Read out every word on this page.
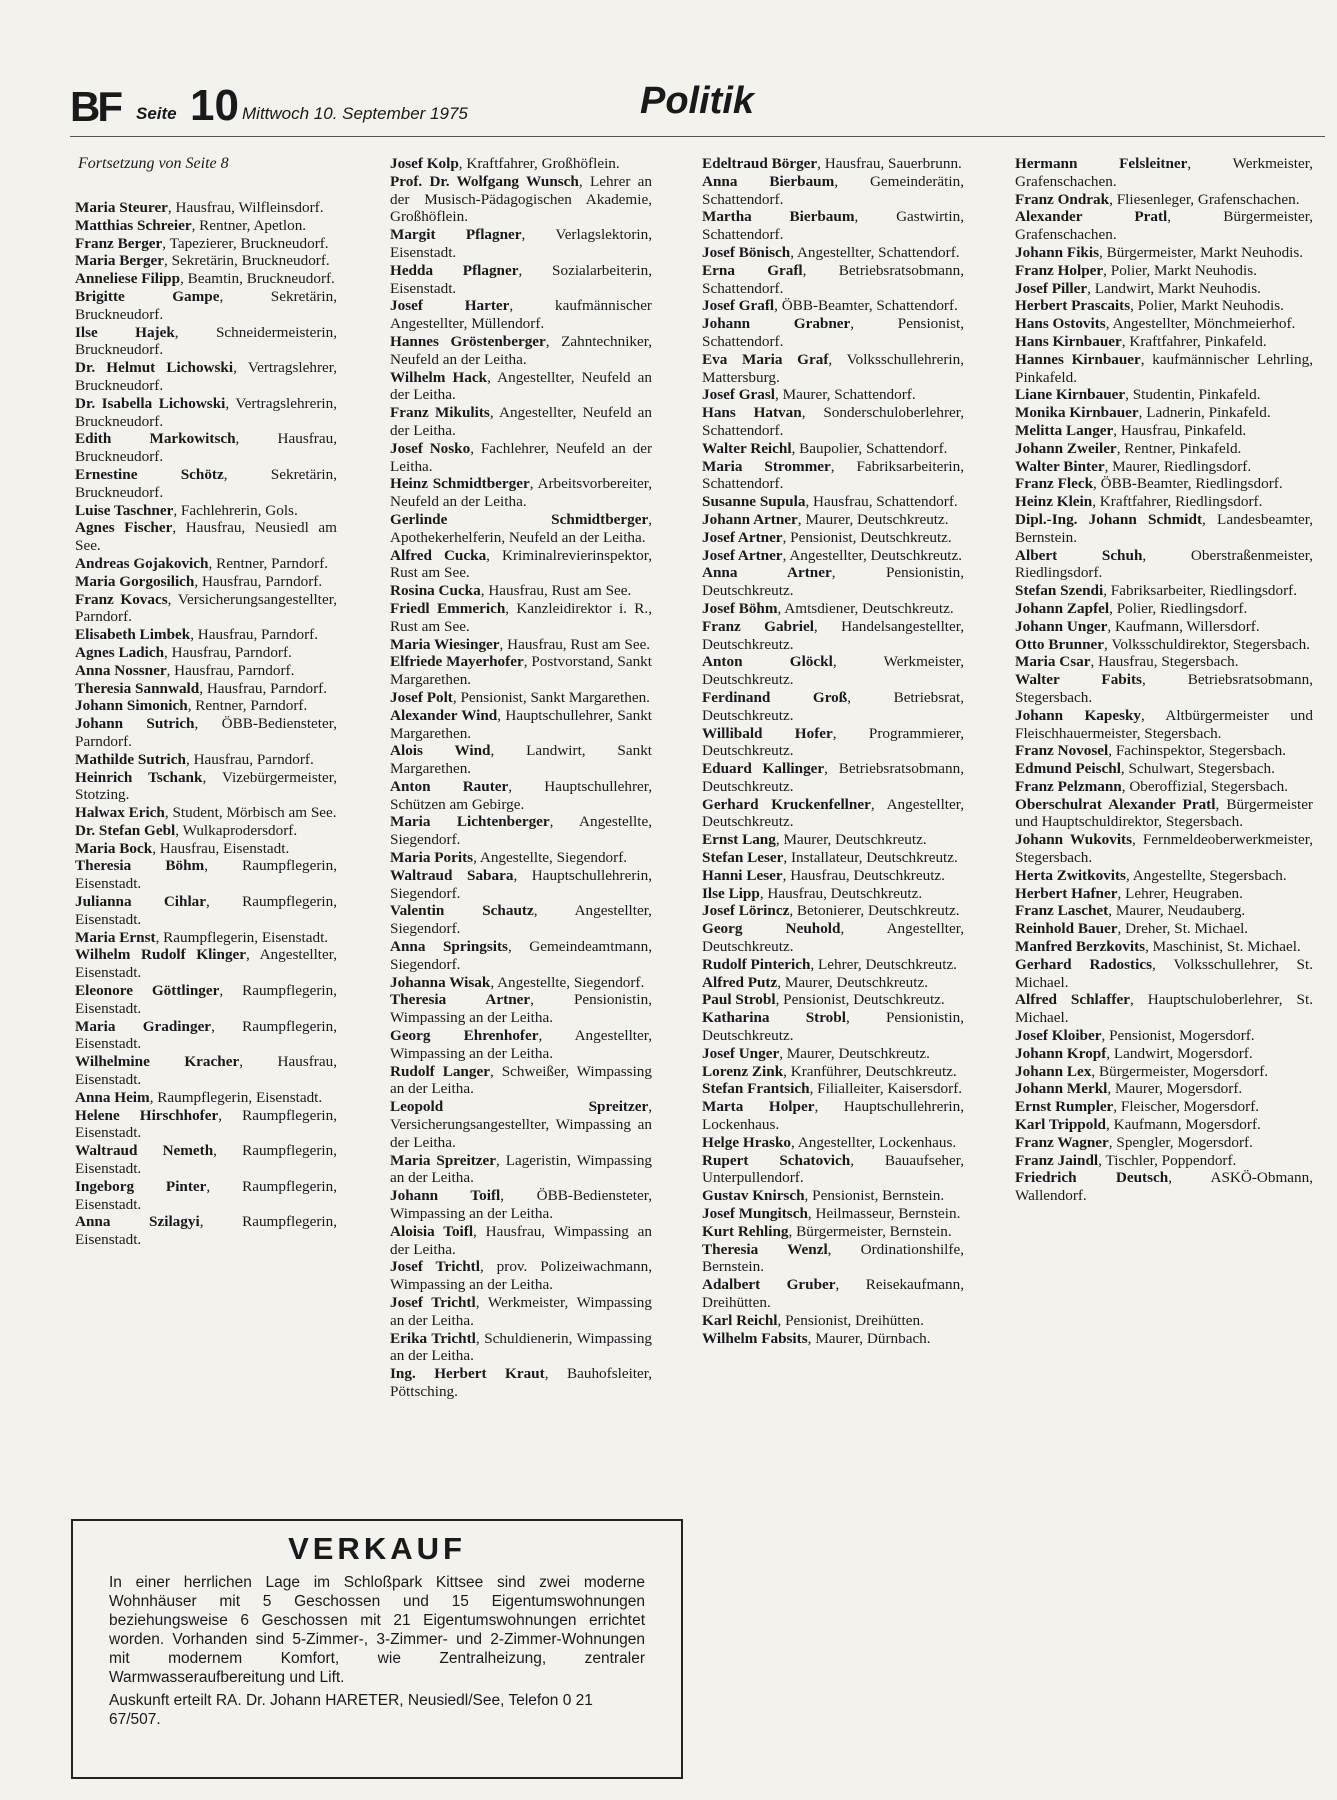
BF Seite 10 Mittwoch 10. September 1975	Politik
Fortsetzung von Seite 8
Maria Steurer, Hausfrau, Wilfleinsdorf.
Matthias Schreier, Rentner, Apetlon.
Franz Berger, Tapezierer, Bruckneudorf.
Maria Berger, Sekretärin, Bruckneudorf.
Anneliese Filipp, Beamtin, Bruckneudorf.
Brigitte Gampe, Sekretärin, Bruckneudorf.
Ilse Hajek, Schneidermeisterin, Bruckneudorf.
Dr. Helmut Lichowski, Vertragslehrer, Bruckneudorf.
Dr. Isabella Lichowski, Vertragslehrerin, Bruckneudorf.
Edith Markowitsch, Hausfrau, Bruckneudorf.
Ernestine Schötz, Sekretärin, Bruckneudorf.
Luise Taschner, Fachlehrerin, Gols.
Agnes Fischer, Hausfrau, Neusiedl am See.
Andreas Gojakovich, Rentner, Parndorf.
Maria Gorgosilich, Hausfrau, Parndorf.
Franz Kovacs, Versicherungsangestellter, Parndorf.
Elisabeth Limbek, Hausfrau, Parndorf.
Agnes Ladich, Hausfrau, Parndorf.
Anna Nossner, Hausfrau, Parndorf.
Theresia Sannwald, Hausfrau, Parndorf.
Johann Simonich, Rentner, Parndorf.
Johann Sutrich, ÖBB-Bediensteter, Parndorf.
Mathilde Sutrich, Hausfrau, Parndorf.
Heinrich Tschank, Vizebürgermeister, Stotzing.
Halwax Erich, Student, Mörbisch am See.
Dr. Stefan Gebl, Wulkaprodersdorf.
Maria Bock, Hausfrau, Eisenstadt.
Theresia Böhm, Raumpflegerin, Eisenstadt.
Julianna Cihlar, Raumpflegerin, Eisenstadt.
Maria Ernst, Raumpflegerin, Eisenstadt.
Wilhelm Rudolf Klinger, Angestellter, Eisenstadt.
Eleonore Göttlinger, Raumpflegerin, Eisenstadt.
Maria Gradinger, Raumpflegerin, Eisenstadt.
Wilhelmine Kracher, Hausfrau, Eisenstadt.
Anna Heim, Raumpflegerin, Eisenstadt.
Helene Hirschhofer, Raumpflegerin, Eisenstadt.
Waltraud Nemeth, Raumpflegerin, Eisenstadt.
Ingeborg Pinter, Raumpflegerin, Eisenstadt.
Anna Szilagyi, Raumpflegerin, Eisenstadt.
Josef Kolp, Kraftfahrer, Großhöflein.
Prof. Dr. Wolfgang Wunsch, Lehrer an der Musisch-Pädagogischen Akademie, Großhöflein.
Margit Pflagner, Verlagslektorin, Eisenstadt.
Hedda Pflagner, Sozialarbeiterin, Eisenstadt.
Josef Harter, kaufmännischer Angestellter, Müllendorf.
Hannes Gröstenberger, Zahntechniker, Neufeld an der Leitha.
Wilhelm Hack, Angestellter, Neufeld an der Leitha.
Franz Mikulits, Angestellter, Neufeld an der Leitha.
Josef Nosko, Fachlehrer, Neufeld an der Leitha.
Heinz Schmidtberger, Arbeitsvorbereiter, Neufeld an der Leitha.
Gerlinde Schmidtberger, Apothekerhelferin, Neufeld an der Leitha.
Alfred Cucka, Kriminalrevierinspektor, Rust am See.
Rosina Cucka, Hausfrau, Rust am See.
Friedl Emmerich, Kanzleidirektor i. R., Rust am See.
Maria Wiesinger, Hausfrau, Rust am See.
Elfriede Mayerhofer, Postvorstand, Sankt Margarethen.
Josef Polt, Pensionist, Sankt Margarethen.
Alexander Wind, Hauptschullehrer, Sankt Margarethen.
Alois Wind, Landwirt, Sankt Margarethen.
Anton Rauter, Hauptschullehrer, Schützen am Gebirge.
Maria Lichtenberger, Angestellte, Siegendorf.
Maria Porits, Angestellte, Siegendorf.
Waltraud Sabara, Hauptschullehrerin, Siegendorf.
Valentin Schautz, Angestellter, Siegendorf.
Anna Springsits, Gemeindeamtmann, Siegendorf.
Johanna Wisak, Angestellte, Siegendorf.
Theresia Artner, Pensionistin, Wimpassing an der Leitha.
Georg Ehrenhofer, Angestellter, Wimpassing an der Leitha.
Rudolf Langer, Schweißer, Wimpassing an der Leitha.
Leopold Spreitzer, Versicherungsangestellter, Wimpassing an der Leitha.
Maria Spreitzer, Lageristin, Wimpassing an der Leitha.
Johann Toifl, ÖBB-Bediensteter, Wimpassing an der Leitha.
Aloisia Toifl, Hausfrau, Wimpassing an der Leitha.
Josef Trichtl, prov. Polizeiwachmann, Wimpassing an der Leitha.
Josef Trichtl, Werkmeister, Wimpassing an der Leitha.
Erika Trichtl, Schuldienerin, Wimpassing an der Leitha.
Ing. Herbert Kraut, Bauhofsleiter, Pöttsching.
Edeltraud Börger, Hausfrau, Sauerbrunn.
Anna Bierbaum, Gemeinderätin, Schattendorf.
Martha Bierbaum, Gastwirtin, Schattendorf.
Josef Bönisch, Angestellter, Schattendorf.
Erna Grafl, Betriebsratsobmann, Schattendorf.
Josef Grafl, ÖBB-Beamter, Schattendorf.
Johann Grabner, Pensionist, Schattendorf.
Eva Maria Graf, Volksschullehrerin, Mattersburg.
Josef Grasl, Maurer, Schattendorf.
Hans Hatvan, Sonderschuloberlehrer, Schattendorf.
Walter Reichl, Baupolier, Schattendorf.
Maria Strommer, Fabriksarbeiterin, Schattendorf.
Susanne Supula, Hausfrau, Schattendorf.
Johann Artner, Maurer, Deutschkreutz.
Josef Artner, Pensionist, Deutschkreutz.
Josef Artner, Angestellter, Deutschkreutz.
Anna Artner, Pensionistin, Deutschkreutz.
Josef Böhm, Amtsdiener, Deutschkreutz.
Franz Gabriel, Handelsangestellter, Deutschkreutz.
Anton Glöckl, Werkmeister, Deutschkreutz.
Ferdinand Groß, Betriebsrat, Deutschkreutz.
Willibald Hofer, Programmierer, Deutschkreutz.
Eduard Kallinger, Betriebsratsobmann, Deutschkreutz.
Gerhard Kruckenfellner, Angestellter, Deutschkreutz.
Ernst Lang, Maurer, Deutschkreutz.
Stefan Leser, Installateur, Deutschkreutz.
Hanni Leser, Hausfrau, Deutschkreutz.
Ilse Lipp, Hausfrau, Deutschkreutz.
Josef Lörincz, Betonierer, Deutschkreutz.
Georg Neuhold, Angestellter, Deutschkreutz.
Rudolf Pinterich, Lehrer, Deutschkreutz.
Alfred Putz, Maurer, Deutschkreutz.
Paul Strobl, Pensionist, Deutschkreutz.
Katharina Strobl, Pensionistin, Deutschkreutz.
Josef Unger, Maurer, Deutschkreutz.
Lorenz Zink, Kranführer, Deutschkreutz.
Stefan Frantsich, Filialleiter, Kaisersdorf.
Marta Holper, Hauptschullehrerin, Lockenhaus.
Helge Hrasko, Angestellter, Lockenhaus.
Rupert Schatovich, Bauaufseher, Unterpullendorf.
Gustav Knirsch, Pensionist, Bernstein.
Josef Mungitsch, Heilmasseur, Bernstein.
Kurt Rehling, Bürgermeister, Bernstein.
Theresia Wenzl, Ordinationshilfe, Bernstein.
Adalbert Gruber, Reisekaufmann, Dreihütten.
Karl Reichl, Pensionist, Dreihütten.
Wilhelm Fabsits, Maurer, Dürnbach.
Hermann Felsleitner, Werkmeister, Grafenschachen.
Franz Ondrak, Fliesenleger, Grafenschachen.
Alexander Pratl, Bürgermeister, Grafenschachen.
Johann Fikis, Bürgermeister, Markt Neuhodis.
Franz Holper, Polier, Markt Neuhodis.
Josef Piller, Landwirt, Markt Neuhodis.
Herbert Prascaits, Polier, Markt Neuhodis.
Hans Ostovits, Angestellter, Mönchmeierhof.
Hans Kirnbauer, Kraftfahrer, Pinkafeld.
Hannes Kirnbauer, kaufmännischer Lehrling, Pinkafeld.
Liane Kirnbauer, Studentin, Pinkafeld.
Monika Kirnbauer, Ladnerin, Pinkafeld.
Melitta Langer, Hausfrau, Pinkafeld.
Johann Zweiler, Rentner, Pinkafeld.
Walter Binter, Maurer, Riedlingsdorf.
Franz Fleck, ÖBB-Beamter, Riedlingsdorf.
Heinz Klein, Kraftfahrer, Riedlingsdorf.
Dipl.-Ing. Johann Schmidt, Landesbeamter, Bernstein.
Albert Schuh, Oberstraßenmeister, Riedlingsdorf.
Stefan Szendi, Fabriksarbeiter, Riedlingsdorf.
Johann Zapfel, Polier, Riedlingsdorf.
Johann Unger, Kaufmann, Willersdorf.
Otto Brunner, Volksschuldirektor, Stegersbach.
Maria Csar, Hausfrau, Stegersbach.
Walter Fabits, Betriebsratsobmann, Stegersbach.
Johann Kapesky, Altbürgermeister und Fleischhauermeister, Stegersbach.
Franz Novosel, Fachinspektor, Stegersbach.
Edmund Peischl, Schulwart, Stegersbach.
Franz Pelzmann, Oberoffizial, Stegersbach.
Oberschulrat Alexander Pratl, Bürgermeister und Hauptschuldirektor, Stegersbach.
Johann Wukovits, Fernmeldeoberwerkmeister, Stegersbach.
Herta Zwitkovits, Angestellte, Stegersbach.
Herbert Hafner, Lehrer, Heugraben.
Franz Laschet, Maurer, Neudauberg.
Reinhold Bauer, Dreher, St. Michael.
Manfred Berzkovits, Maschinist, St. Michael.
Gerhard Radostics, Volksschullehrer, St. Michael.
Alfred Schlaffer, Hauptschuloberlehrer, St. Michael.
Josef Kloiber, Pensionist, Mogersdorf.
Johann Kropf, Landwirt, Mogersdorf.
Johann Lex, Bürgermeister, Mogersdorf.
Johann Merkl, Maurer, Mogersdorf.
Ernst Rumpler, Fleischer, Mogersdorf.
Karl Trippold, Kaufmann, Mogersdorf.
Franz Wagner, Spengler, Mogersdorf.
Franz Jaindl, Tischler, Poppendorf.
Friedrich Deutsch, ASKÖ-Obmann, Wallendorf.
VERKAUF
In einer herrlichen Lage im Schloßpark Kittsee sind zwei moderne Wohnhäuser mit 5 Geschossen und 15 Eigentumswohnungen beziehungsweise 6 Geschossen mit 21 Eigentumswohnungen errichtet worden. Vorhanden sind 5-Zimmer-, 3-Zimmer- und 2-Zimmer-Wohnungen mit modernem Komfort, wie Zentralheizung, zentraler Warmwasseraufbereitung und Lift.
Auskunft erteilt RA. Dr. Johann HARETER, Neusiedl/See, Telefon 0 21 67/507.
